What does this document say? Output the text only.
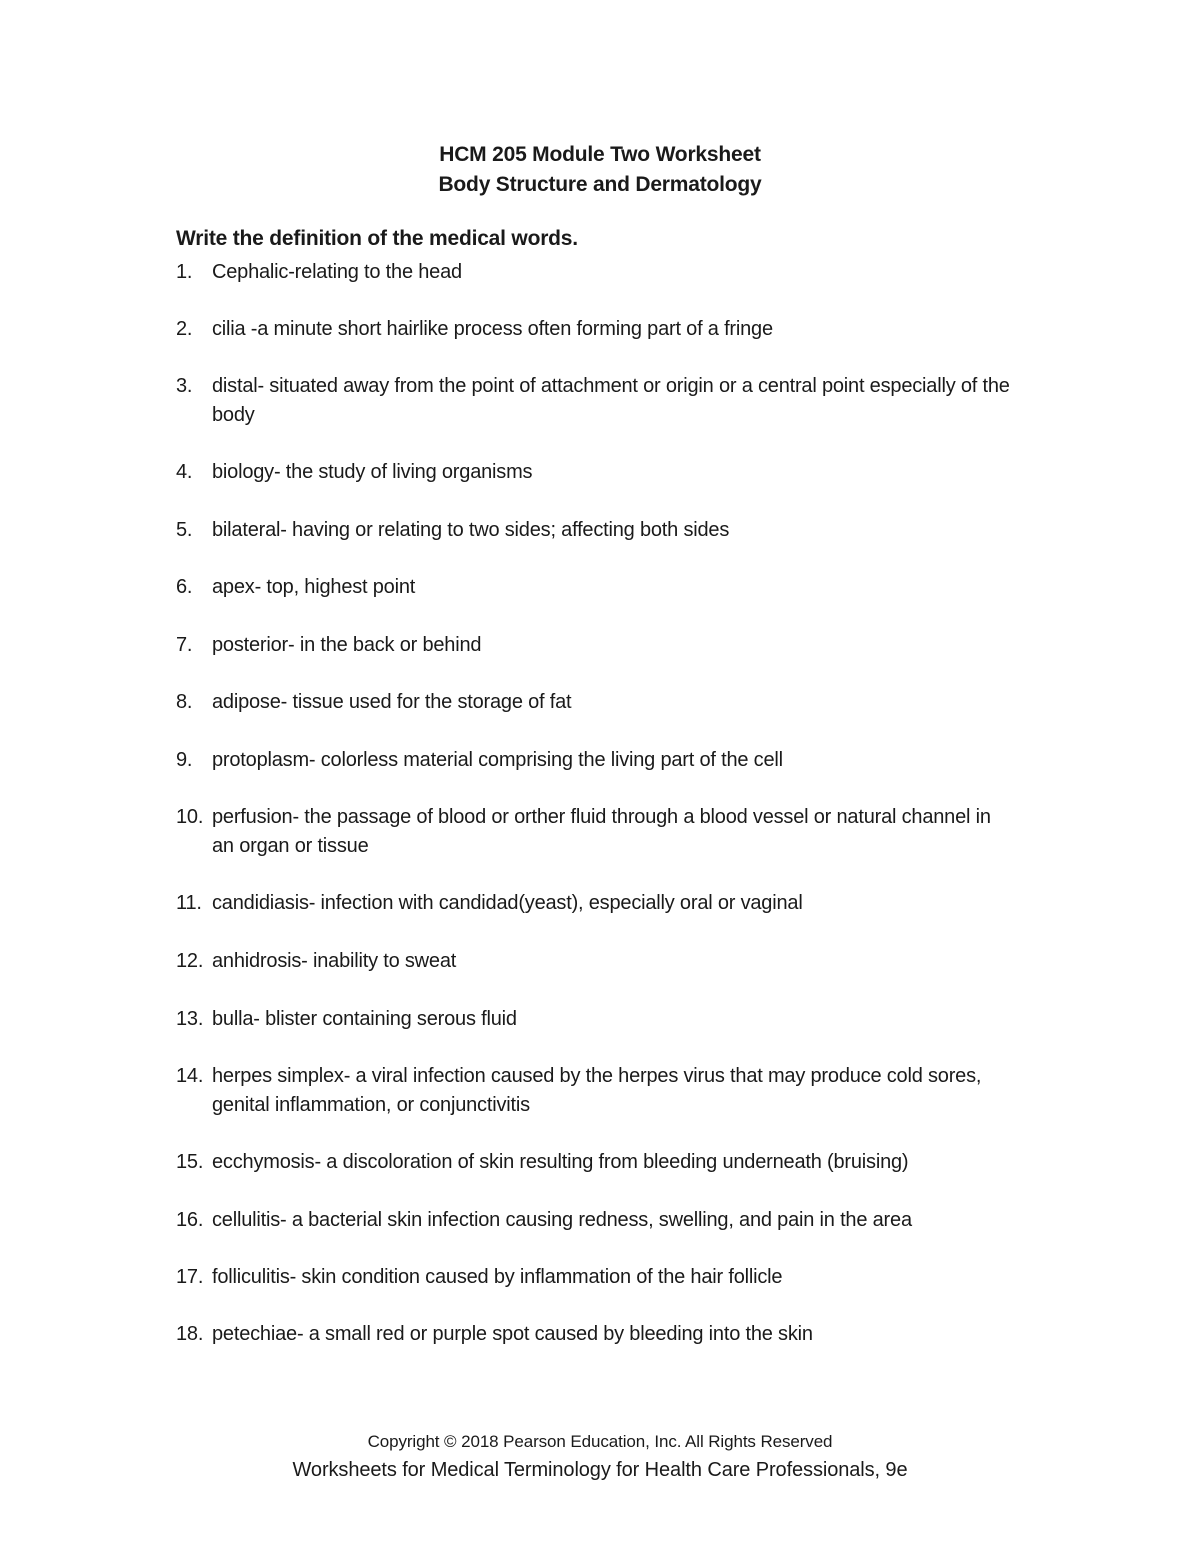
HCM 205 Module Two Worksheet
Body Structure and Dermatology
Write the definition of the medical words.
1. Cephalic-relating to the head
2. cilia -a minute short hairlike process often forming part of a fringe
3. distal- situated away from the point of attachment or origin or a central point especially of the body
4. biology- the study of living organisms
5. bilateral- having or relating to two sides; affecting both sides
6. apex- top, highest point
7. posterior- in the back or behind
8. adipose- tissue used for the storage of fat
9. protoplasm- colorless material comprising the living part of the cell
10. perfusion- the passage of blood or orther fluid through a blood vessel or natural channel in an organ or tissue
11. candidiasis- infection with candidad(yeast), especially oral or vaginal
12. anhidrosis- inability to sweat
13. bulla- blister containing serous fluid
14. herpes simplex- a viral infection caused by the herpes virus that may produce cold sores, genital inflammation, or conjunctivitis
15. ecchymosis- a discoloration of skin resulting from bleeding underneath (bruising)
16. cellulitis- a bacterial skin infection causing redness, swelling, and pain in the area
17. folliculitis- skin condition caused by inflammation of the hair follicle
18. petechiae- a small red or purple spot caused by bleeding into the skin
Copyright © 2018 Pearson Education, Inc. All Rights Reserved
Worksheets for Medical Terminology for Health Care Professionals, 9e
